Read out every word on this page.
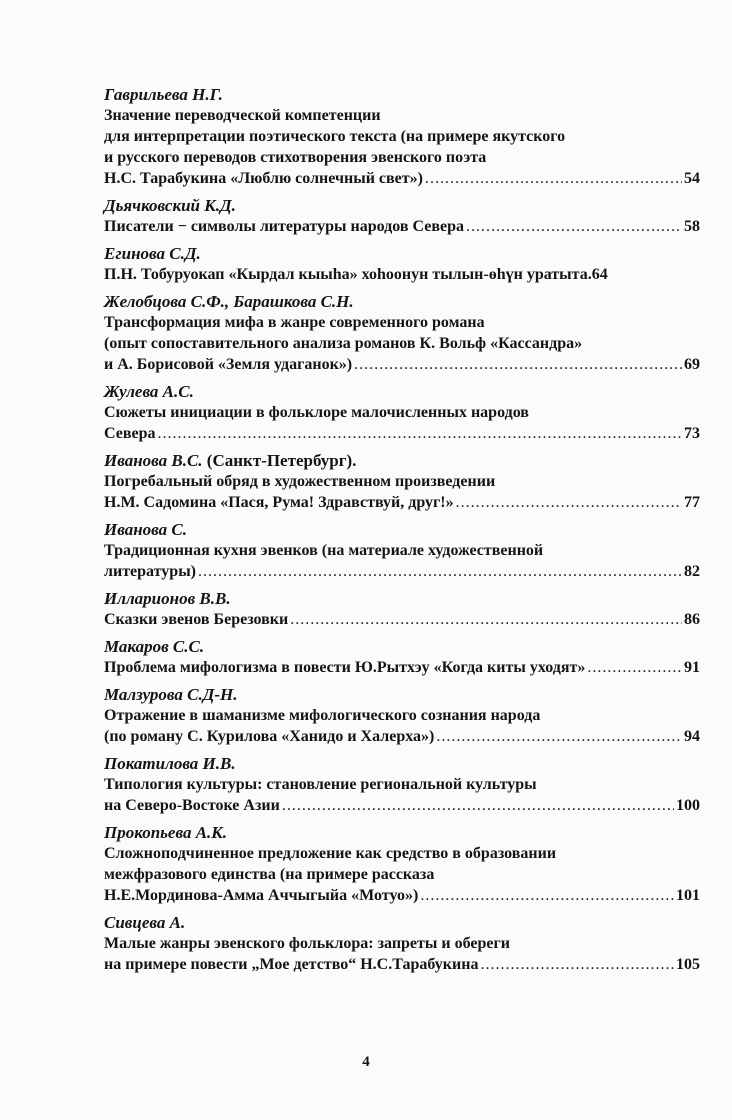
Гаврильева Н.Г.
Значение переводческой компетенции
для интерпретации поэтического текста (на примере якутского
и русского переводов стихотворения эвенского поэта
Н.С. Тарабукина «Люблю солнечный свет») .....	54
Дьячковский К.Д.
Писатели − символы литературы народов Севера .....	58
Егинова С.Д.
П.Н. Тобуруокап «Кырдал кыыhа» хоhоонун тылын-өһүн уратыта. 64
Желобцова С.Ф., Барашкова С.Н.
Трансформация мифа в жанре современного романа
(опыт сопоставительного анализа романов К. Вольф «Кассандра»
и А. Борисовой «Земля удаганок») .....	69
Жулева А.С.
Сюжеты инициации в фольклоре малочисленных народов
Севера .....	73
Иванова В.С. (Санкт-Петербург).
Погребальный обряд в художественном произведении
Н.М. Садомина «Пася, Рума! Здравствуй, друг!» .....	77
Иванова С.
Традиционная кухня эвенков (на материале художественной
литературы) .....	82
Илларионов В.В.
Сказки эвенов Березовки .....	86
Макаров С.С.
Проблема мифологизма в повести Ю.Рытхэу «Когда киты уходят» .....	91
Малзурова С.Д-Н.
Отражение в шаманизме мифологического сознания народа
(по роману С. Курилова «Ханидо и Халерха») .....	94
Покатилова И.В.
Типология культуры: становление региональной культуры
на Северо-Востоке Азии .....	100
Прокопьева А.К.
Сложноподчиненное предложение как средство в образовании
межфразового единства (на примере рассказа
Н.Е.Мординова-Амма Аччыгыйа «Мотуо») .....	101
Сивцева А.
Малые жанры эвенского фольклора: запреты и обереги
на примере повести „Мое детство“ Н.С.Тарабукина .....	105
4
